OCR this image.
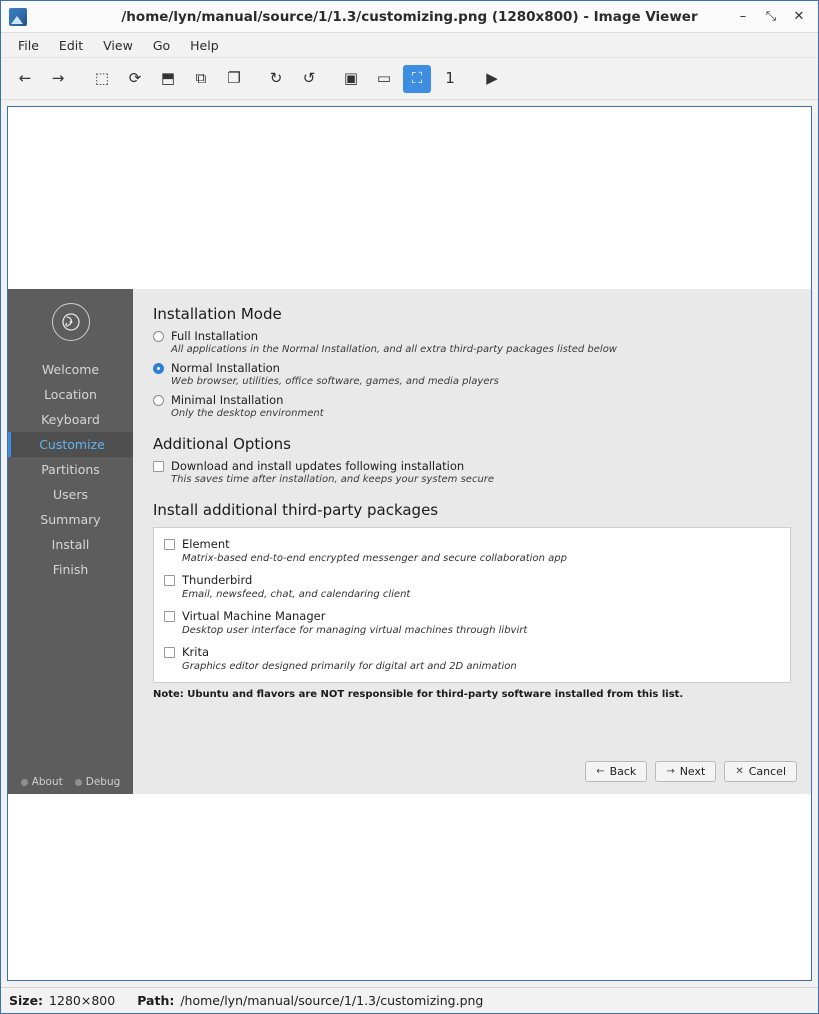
/home/lyn/manual/source/1/1.3/customizing.png (1280x800) - Image Viewer	– ⤡ ✕
File	Edit	View	Go	Help
←	→	⬚	⟳	⬒	⧉	❐	↻	↺	▣	▭	⛶	1	▶
Welcome
Location
Keyboard
Customize
Partitions
Users
Summary
Install
Finish
About	Debug
Installation Mode
Full Installation
All applications in the Normal Installation, and all extra third-party packages listed below
Normal Installation
Web browser, utilities, office software, games, and media players
Minimal Installation
Only the desktop environment
Additional Options
Download and install updates following installation
This saves time after installation, and keeps your system secure
Install additional third-party packages
Element
Matrix-based end-to-end encrypted messenger and secure collaboration app
Thunderbird
Email, newsfeed, chat, and calendaring client
Virtual Machine Manager
Desktop user interface for managing virtual machines through libvirt
Krita
Graphics editor designed primarily for digital art and 2D animation
Note: Ubuntu and flavors are NOT responsible for third-party software installed from this list.
← Back	→ Next	✕ Cancel
Size: 1280×800 Path: /home/lyn/manual/source/1/1.3/customizing.png
